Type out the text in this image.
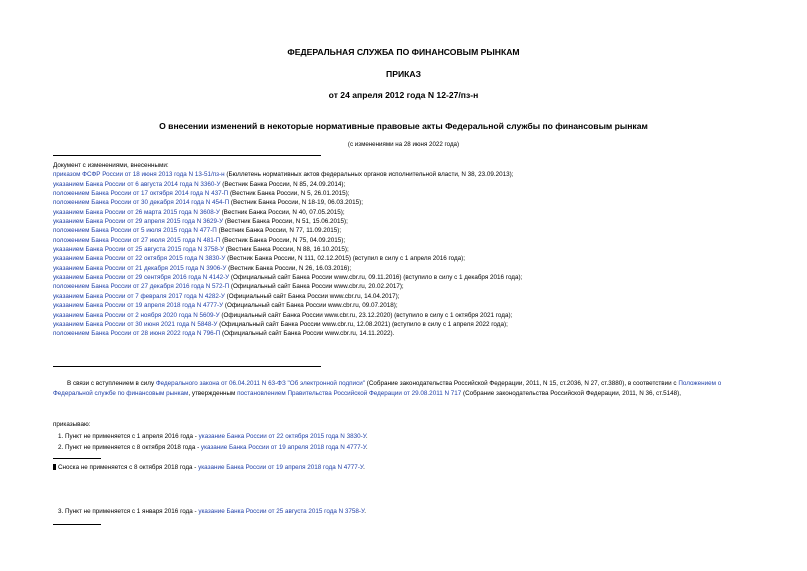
ФЕДЕРАЛЬНАЯ СЛУЖБА ПО ФИНАНСОВЫМ РЫНКАМ
ПРИКАЗ
от 24 апреля 2012 года N 12-27/пз-н
О внесении изменений в некоторые нормативные правовые акты Федеральной службы по финансовым рынкам
(с изменениями на 28 июня 2022 года)
Документ с изменениями, внесенными:
приказом ФСФР России от 18 июня 2013 года N 13-51/пз-н (Бюллетень нормативных актов федеральных органов исполнительной власти, N 38, 23.09.2013);
указанием Банка России от 6 августа 2014 года N 3360-У (Вестник Банка России, N 85, 24.09.2014);
положением Банка России от 17 октября 2014 года N 437-П (Вестник Банка России, N 5, 26.01.2015);
положением Банка России от 30 декабря 2014 года N 454-П (Вестник Банка России, N 18-19, 06.03.2015);
указанием Банка России от 26 марта 2015 года N 3608-У (Вестник Банка России, N 40, 07.05.2015);
указанием Банка России от 29 апреля 2015 года N 3629-У (Вестник Банка России, N 51, 15.06.2015);
положением Банка России от 5 июля 2015 года N 477-П (Вестник Банка России, N 77, 11.09.2015);
положением Банка России от 27 июля 2015 года N 481-П (Вестник Банка России, N 75, 04.09.2015);
указанием Банка России от 25 августа 2015 года N 3758-У (Вестник Банка России, N 88, 16.10.2015);
указанием Банка России от 22 октября 2015 года N 3830-У (Вестник Банка России, N 111, 02.12.2015) (вступил в силу с 1 апреля 2016 года);
указанием Банка России от 21 декабря 2015 года N 3906-У (Вестник Банка России, N 26, 16.03.2016);
указанием Банка России от 29 сентября 2016 года N 4142-У (Официальный сайт Банка России www.cbr.ru, 09.11.2016) (вступило в силу с 1 декабря 2016 года);
положением Банка России от 27 декабря 2016 года N 572-П (Официальный сайт Банка России www.cbr.ru, 20.02.2017);
указанием Банка России от 7 февраля 2017 года N 4282-У (Официальный сайт Банка России www.cbr.ru, 14.04.2017);
указанием Банка России от 19 апреля 2018 года N 4777-У (Официальный сайт Банка России www.cbr.ru, 09.07.2018);
указанием Банка России от 2 ноября 2020 года N 5609-У (Официальный сайт Банка России www.cbr.ru, 23.12.2020) (вступило в силу с 1 октября 2021 года);
указанием Банка России от 30 июня 2021 года N 5848-У (Официальный сайт Банка России www.cbr.ru, 12.08.2021) (вступило в силу с 1 апреля 2022 года);
положением Банка России от 28 июня 2022 года N 796-П (Официальный сайт Банка России www.cbr.ru, 14.11.2022).
В связи с вступлением в силу Федерального закона от 06.04.2011 N 63-ФЗ "Об электронной подписи" (Собрание законодательства Российской Федерации, 2011, N 15, ст.2036, N 27, ст.3880), в соответствии с Положением о Федеральной службе по финансовым рынкам, утвержденным постановлением Правительства Российской Федерации от 29.08.2011 N 717 (Собрание законодательства Российской Федерации, 2011, N 36, ст.5148),
приказываю:
1. Пункт не применяется с 1 апреля 2016 года - указание Банка России от 22 октября 2015 года N 3830-У.
2. Пункт не применяется с 8 октября 2018 года - указание Банка России от 19 апреля 2018 года N 4777-У.
Сноска не применяется с 8 октября 2018 года - указание Банка России от 19 апреля 2018 года N 4777-У.
3. Пункт не применяется с 1 января 2016 года - указание Банка России от 25 августа 2015 года N 3758-У.
